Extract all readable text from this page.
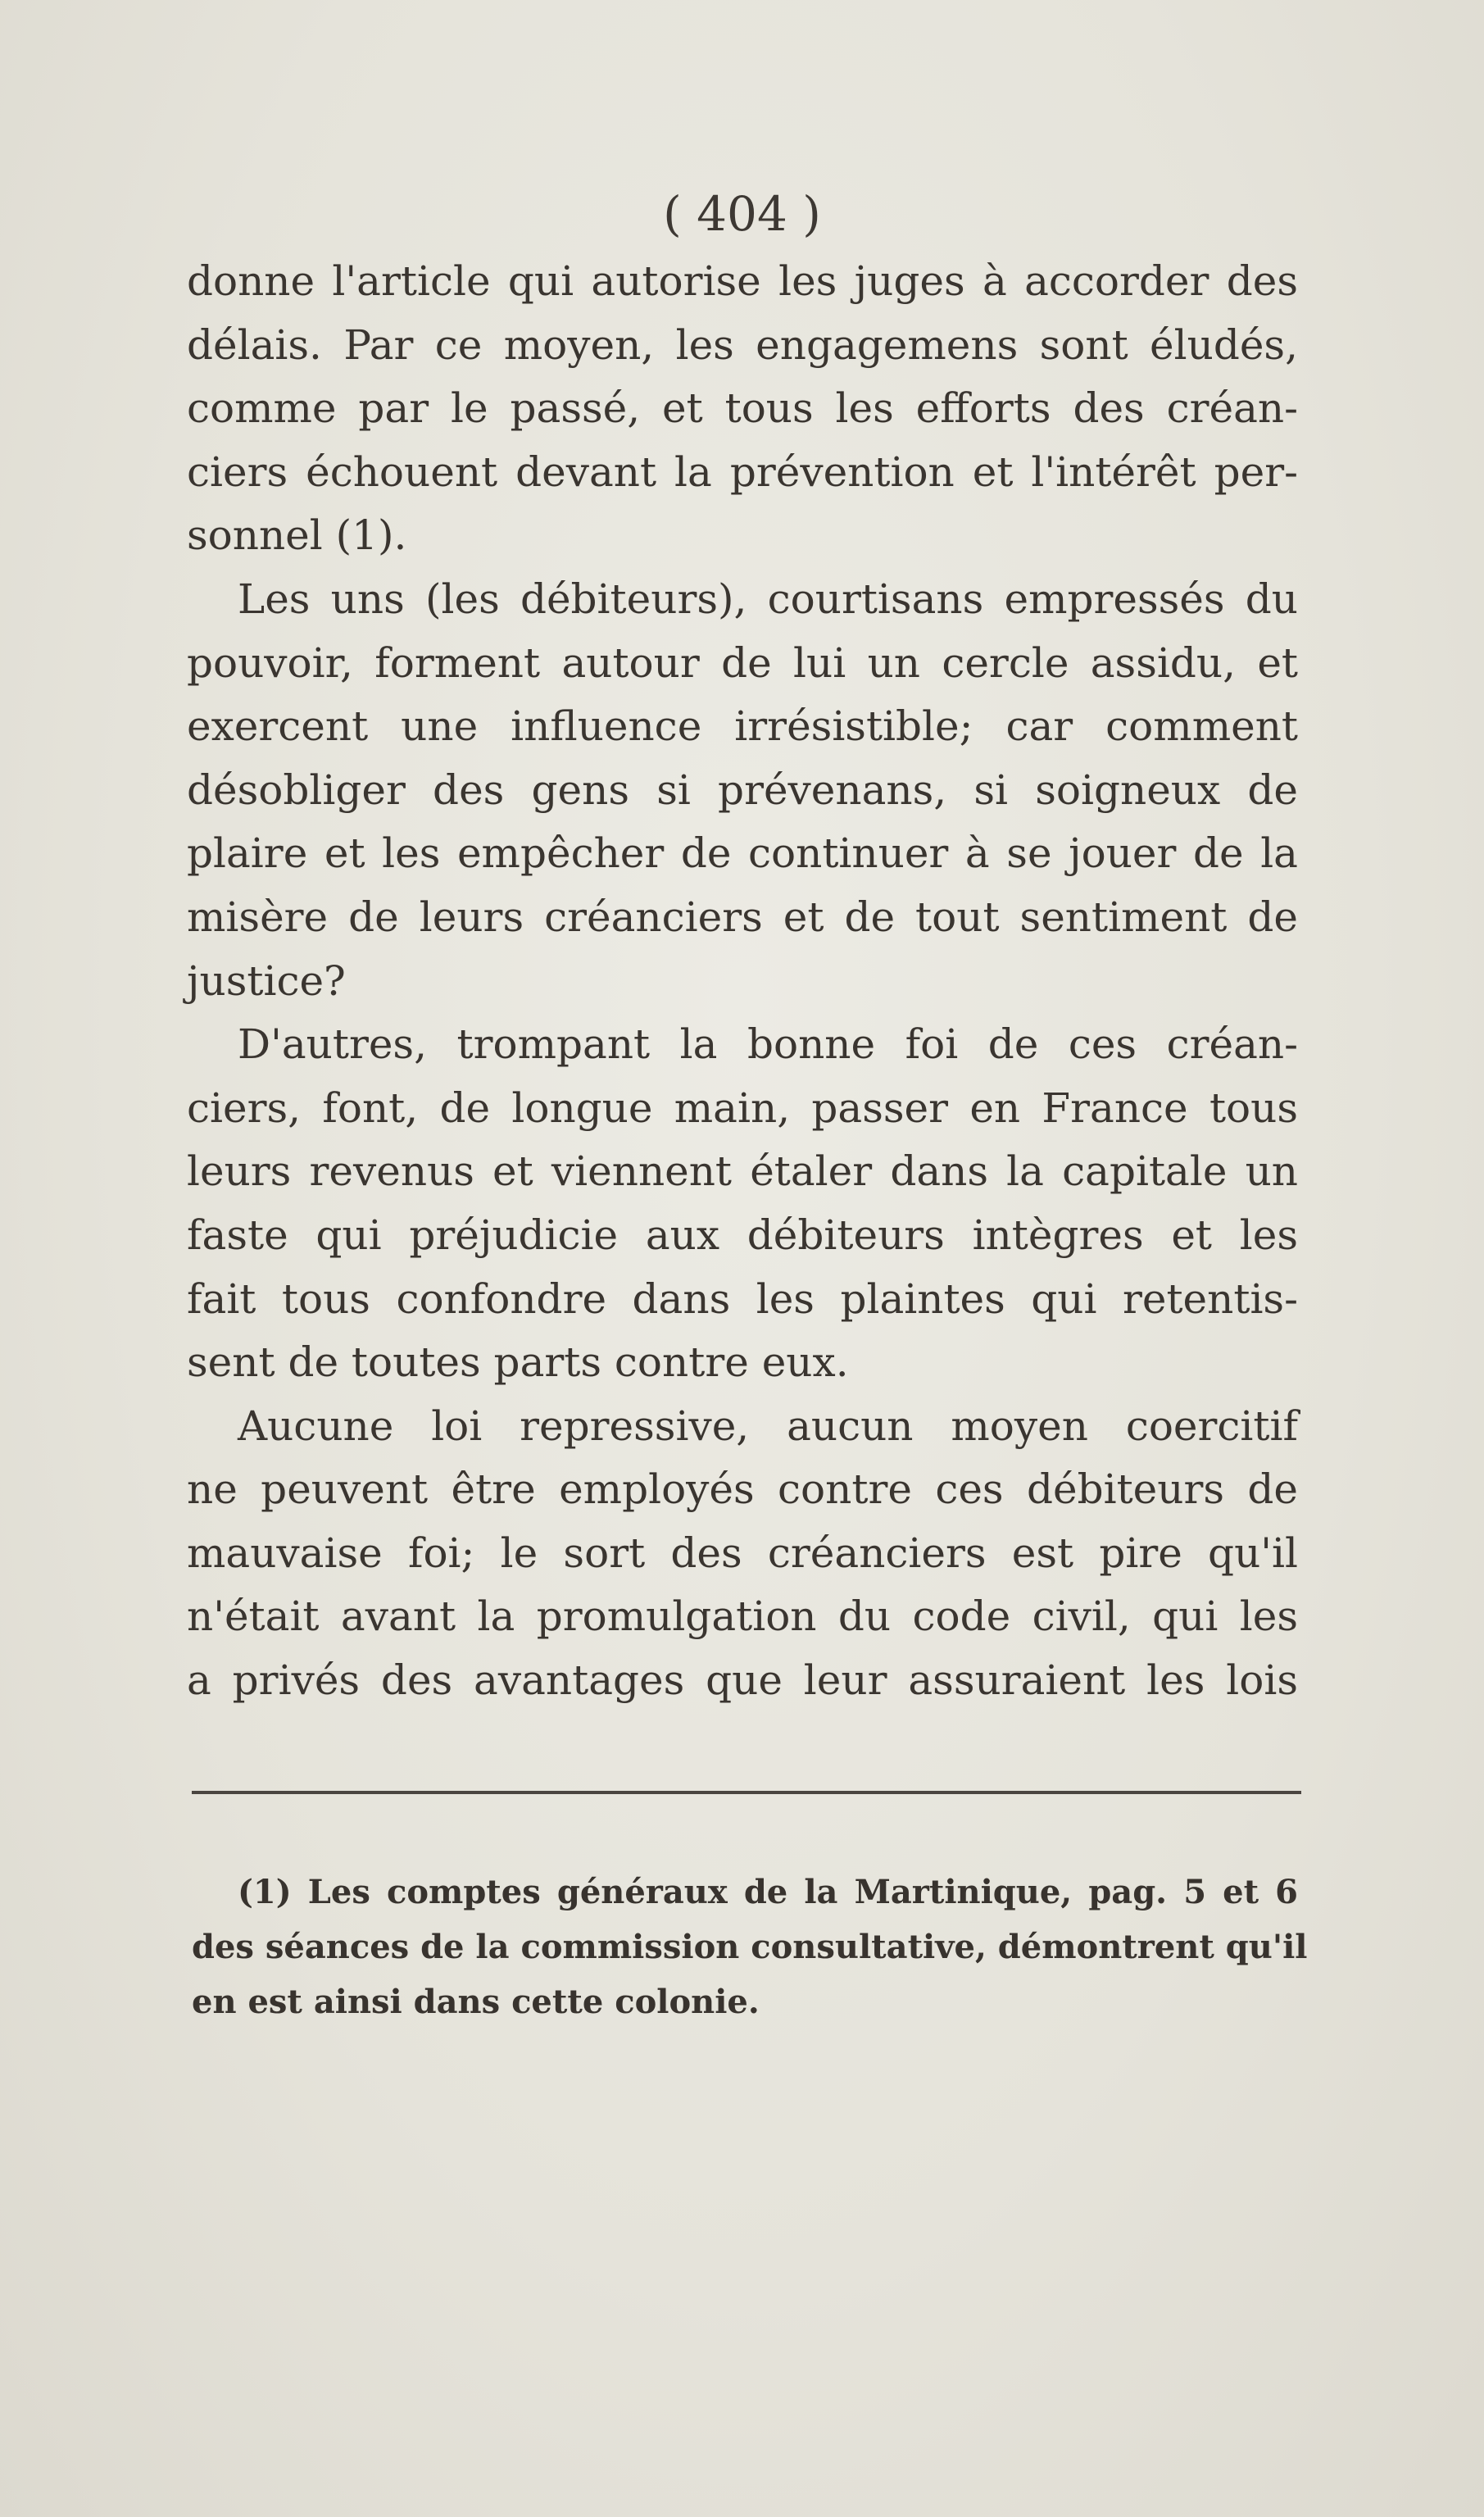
( 404 )
donne l'article qui autorise les juges à accorder des
délais. Par ce moyen, les engagemens sont éludés,
comme par le passé, et tous les efforts des créan-
ciers échouent devant la prévention et l'intérêt per-
sonnel (1).
Les uns (les débiteurs), courtisans empressés du
pouvoir, forment autour de lui un cercle assidu, et
exercent une influence irrésistible; car comment
désobliger des gens si prévenans, si soigneux de
plaire et les empêcher de continuer à se jouer de la
misère de leurs créanciers et de tout sentiment de
justice?
D'autres, trompant la bonne foi de ces créan-
ciers, font, de longue main, passer en France tous
leurs revenus et viennent étaler dans la capitale un
faste qui préjudicie aux débiteurs intègres et les
fait tous confondre dans les plaintes qui retentis-
sent de toutes parts contre eux.
Aucune loi repressive, aucun moyen coercitif
ne peuvent être employés contre ces débiteurs de
mauvaise foi; le sort des créanciers est pire qu'il
n'était avant la promulgation du code civil, qui les
a privés des avantages que leur assuraient les lois
(1) Les comptes généraux de la Martinique, pag. 5 et 6
des séances de la commission consultative, démontrent qu'il
en est ainsi dans cette colonie.
